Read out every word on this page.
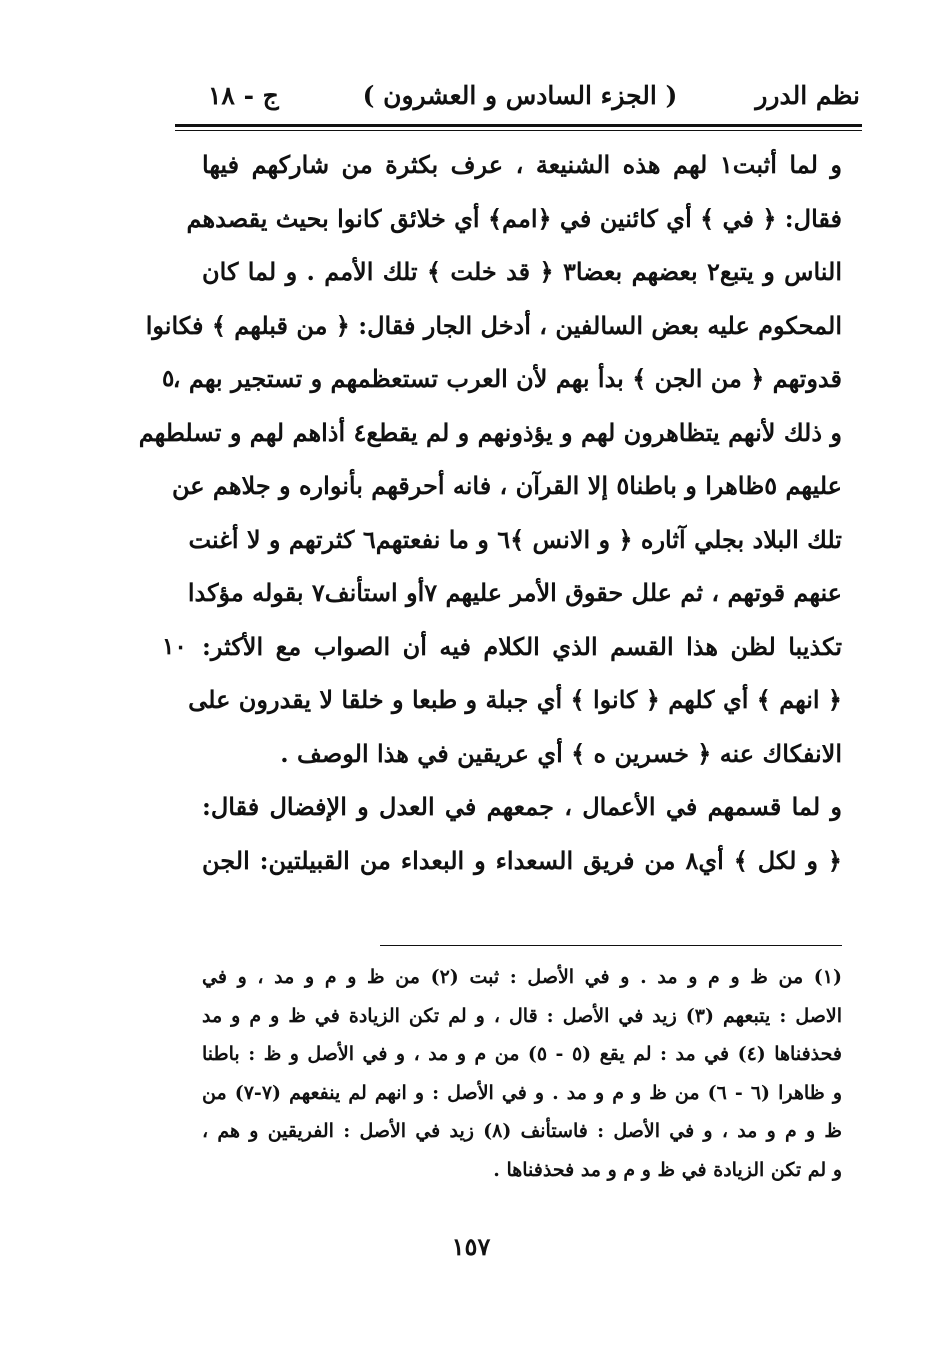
نظم الدرر
( الجزء السادس و العشرون )
ج - ١٨
و لما أثبت١ لهم هذه الشنيعة ، عرف بكثرة من شاركهم فيها
فقال: ﴿ في ﴾ أي كائنين في ﴿امم﴾ أي خلائق كانوا بحيث يقصدهم
الناس و يتبع٢ بعضهم بعضا٣ ﴿ قد خلت ﴾ تلك الأمم . و لما كان
المحكوم عليه بعض السالفين ، أدخل الجار فقال: ﴿ من قبلهم ﴾ فكانوا
قدوتهم ﴿ من الجن ﴾ بدأ بهم لأن العرب تستعظمهم و تستجير بهم ،
٥
و ذلك لأنهم يتظاهرون لهم و يؤذونهم و لم يقطع٤ أذاهم لهم و تسلطهم
عليهم ٥ظاهرا و باطنا٥ إلا القرآن ، فانه أحرقهم بأنواره و جلاهم عن
تلك البلاد بجلي آثاره ﴿ و الانس ﴾٦ و ما نفعتهم٦ كثرتهم و لا أغنت
عنهم قوتهم ، ثم علل حقوق الأمر عليهم ٧أو استأنف٧ بقوله مؤكدا
تكذيبا لظن هذا القسم الذي الكلام فيه أن الصواب مع الأكثر:
١٠
﴿ انهم ﴾ أي كلهم ﴿ كانوا ﴾ أي جبلة و طبعا و خلقا لا يقدرون على
الانفكاك عنه ﴿ خسرين ه ﴾ أي عريقين في هذا الوصف .
و لما قسمهم في الأعمال ، جمعهم في العدل و الإفضال فقال:
﴿ و لكل ﴾ أي٨ من فريق السعداء و البعداء من القبيلتين: الجن
(١) من ظ و م و مد . و في الأصل : ثبت (٢) من ظ و م و مد ، و في
الاصل : يتبعهم (٣) زيد في الأصل : قال ، و لم تكن الزيادة في ظ و م و مد
فحذفناها (٤) في مد : لم يقع (٥ - ٥) من م و مد ، و في الأصل و ظ : باطنا
و ظاهرا (٦ - ٦) من ظ و م و مد . و في الأصل : و انهم لم ينفعهم (٧-٧) من
ظ و م و مد ، و في الأصل : فاستأنف (٨) زيد في الأصل : الفريقين و هم ،
و لم تكن الزيادة في ظ و م و مد فحذفناها .
١٥٧
